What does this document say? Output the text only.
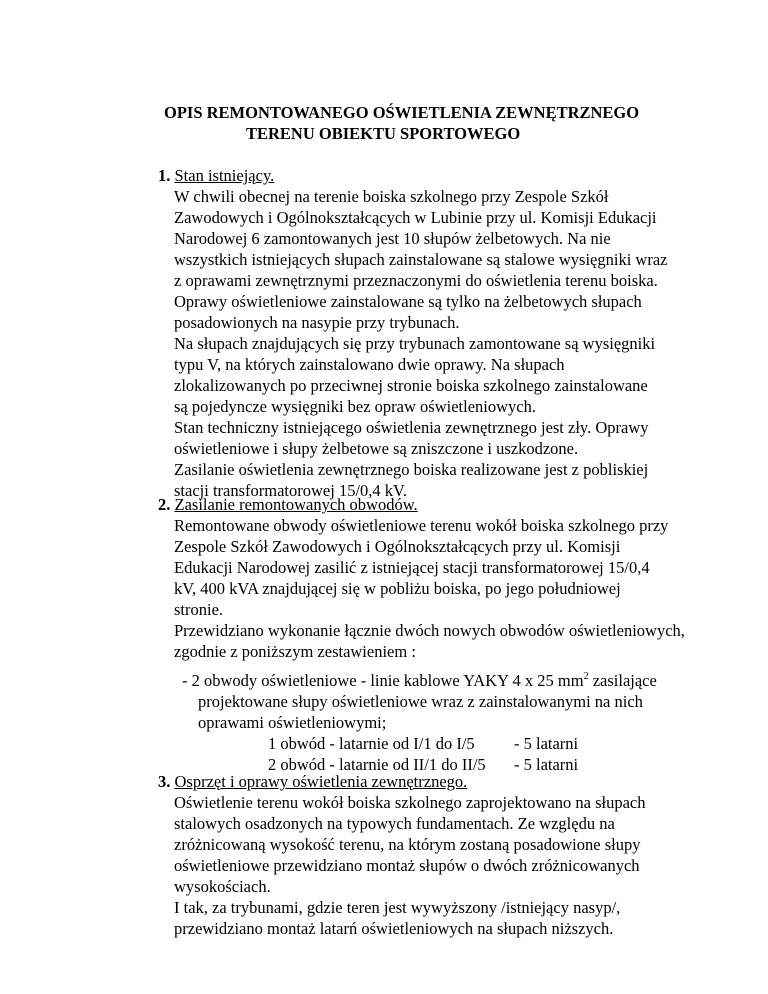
OPIS REMONTOWANEGO OŚWIETLENIA ZEWNĘTRZNEGO
TERENU OBIEKTU SPORTOWEGO
1. Stan istniejący.
W chwili obecnej na terenie boiska szkolnego przy Zespole Szkół
Zawodowych i Ogólnokształcących w Lubinie przy ul. Komisji Edukacji
Narodowej 6 zamontowanych jest 10 słupów żelbetowych. Na nie
wszystkich istniejących słupach zainstalowane są stalowe wysięgniki wraz
z oprawami zewnętrznymi przeznaczonymi do oświetlenia terenu boiska.
Oprawy oświetleniowe zainstalowane są tylko na żelbetowych słupach
posadowionych na nasypie przy trybunach.
Na słupach znajdujących się przy trybunach zamontowane są wysięgniki
typu V, na których zainstalowano dwie oprawy. Na słupach
zlokalizowanych po przeciwnej stronie boiska szkolnego zainstalowane
są pojedyncze wysięgniki bez opraw oświetleniowych.
Stan techniczny istniejącego oświetlenia zewnętrznego jest zły. Oprawy
oświetleniowe i słupy żelbetowe są zniszczone i uszkodzone.
Zasilanie oświetlenia zewnętrznego boiska realizowane jest z pobliskiej
stacji transformatorowej 15/0,4 kV.
2. Zasilanie remontowanych obwodów.
Remontowane obwody oświetleniowe terenu wokół boiska szkolnego przy
Zespole Szkół Zawodowych i Ogólnokształcących przy ul. Komisji
Edukacji Narodowej zasilić z istniejącej stacji transformatorowej 15/0,4
kV, 400 kVA znajdującej się w pobliżu boiska, po jego południowej
stronie.
Przewidziano wykonanie łącznie dwóch nowych obwodów oświetleniowych,
zgodnie z poniższym zestawieniem :
- 2 obwody oświetleniowe - linie kablowe YAKY 4 x 25 $mm^2$ zasilające
projektowane słupy oświetleniowe wraz z zainstalowanymi na nich
oprawami oświetleniowymi;
1 obwód - latarnie od I/1 do I/5 - 5 latarni
2 obwód - latarnie od II/1 do II/5 - 5 latarni
3. Osprzęt i oprawy oświetlenia zewnętrznego.
Oświetlenie terenu wokół boiska szkolnego zaprojektowano na słupach
stalowych osadzonych na typowych fundamentach. Ze względu na
zróżnicowaną wysokość terenu, na którym zostaną posadowione słupy
oświetleniowe przewidziano montaż słupów o dwóch zróżnicowanych
wysokościach.
I tak, za trybunami, gdzie teren jest wywyższony /istniejący nasyp/,
przewidziano montaż latarń oświetleniowych na słupach niższych.
